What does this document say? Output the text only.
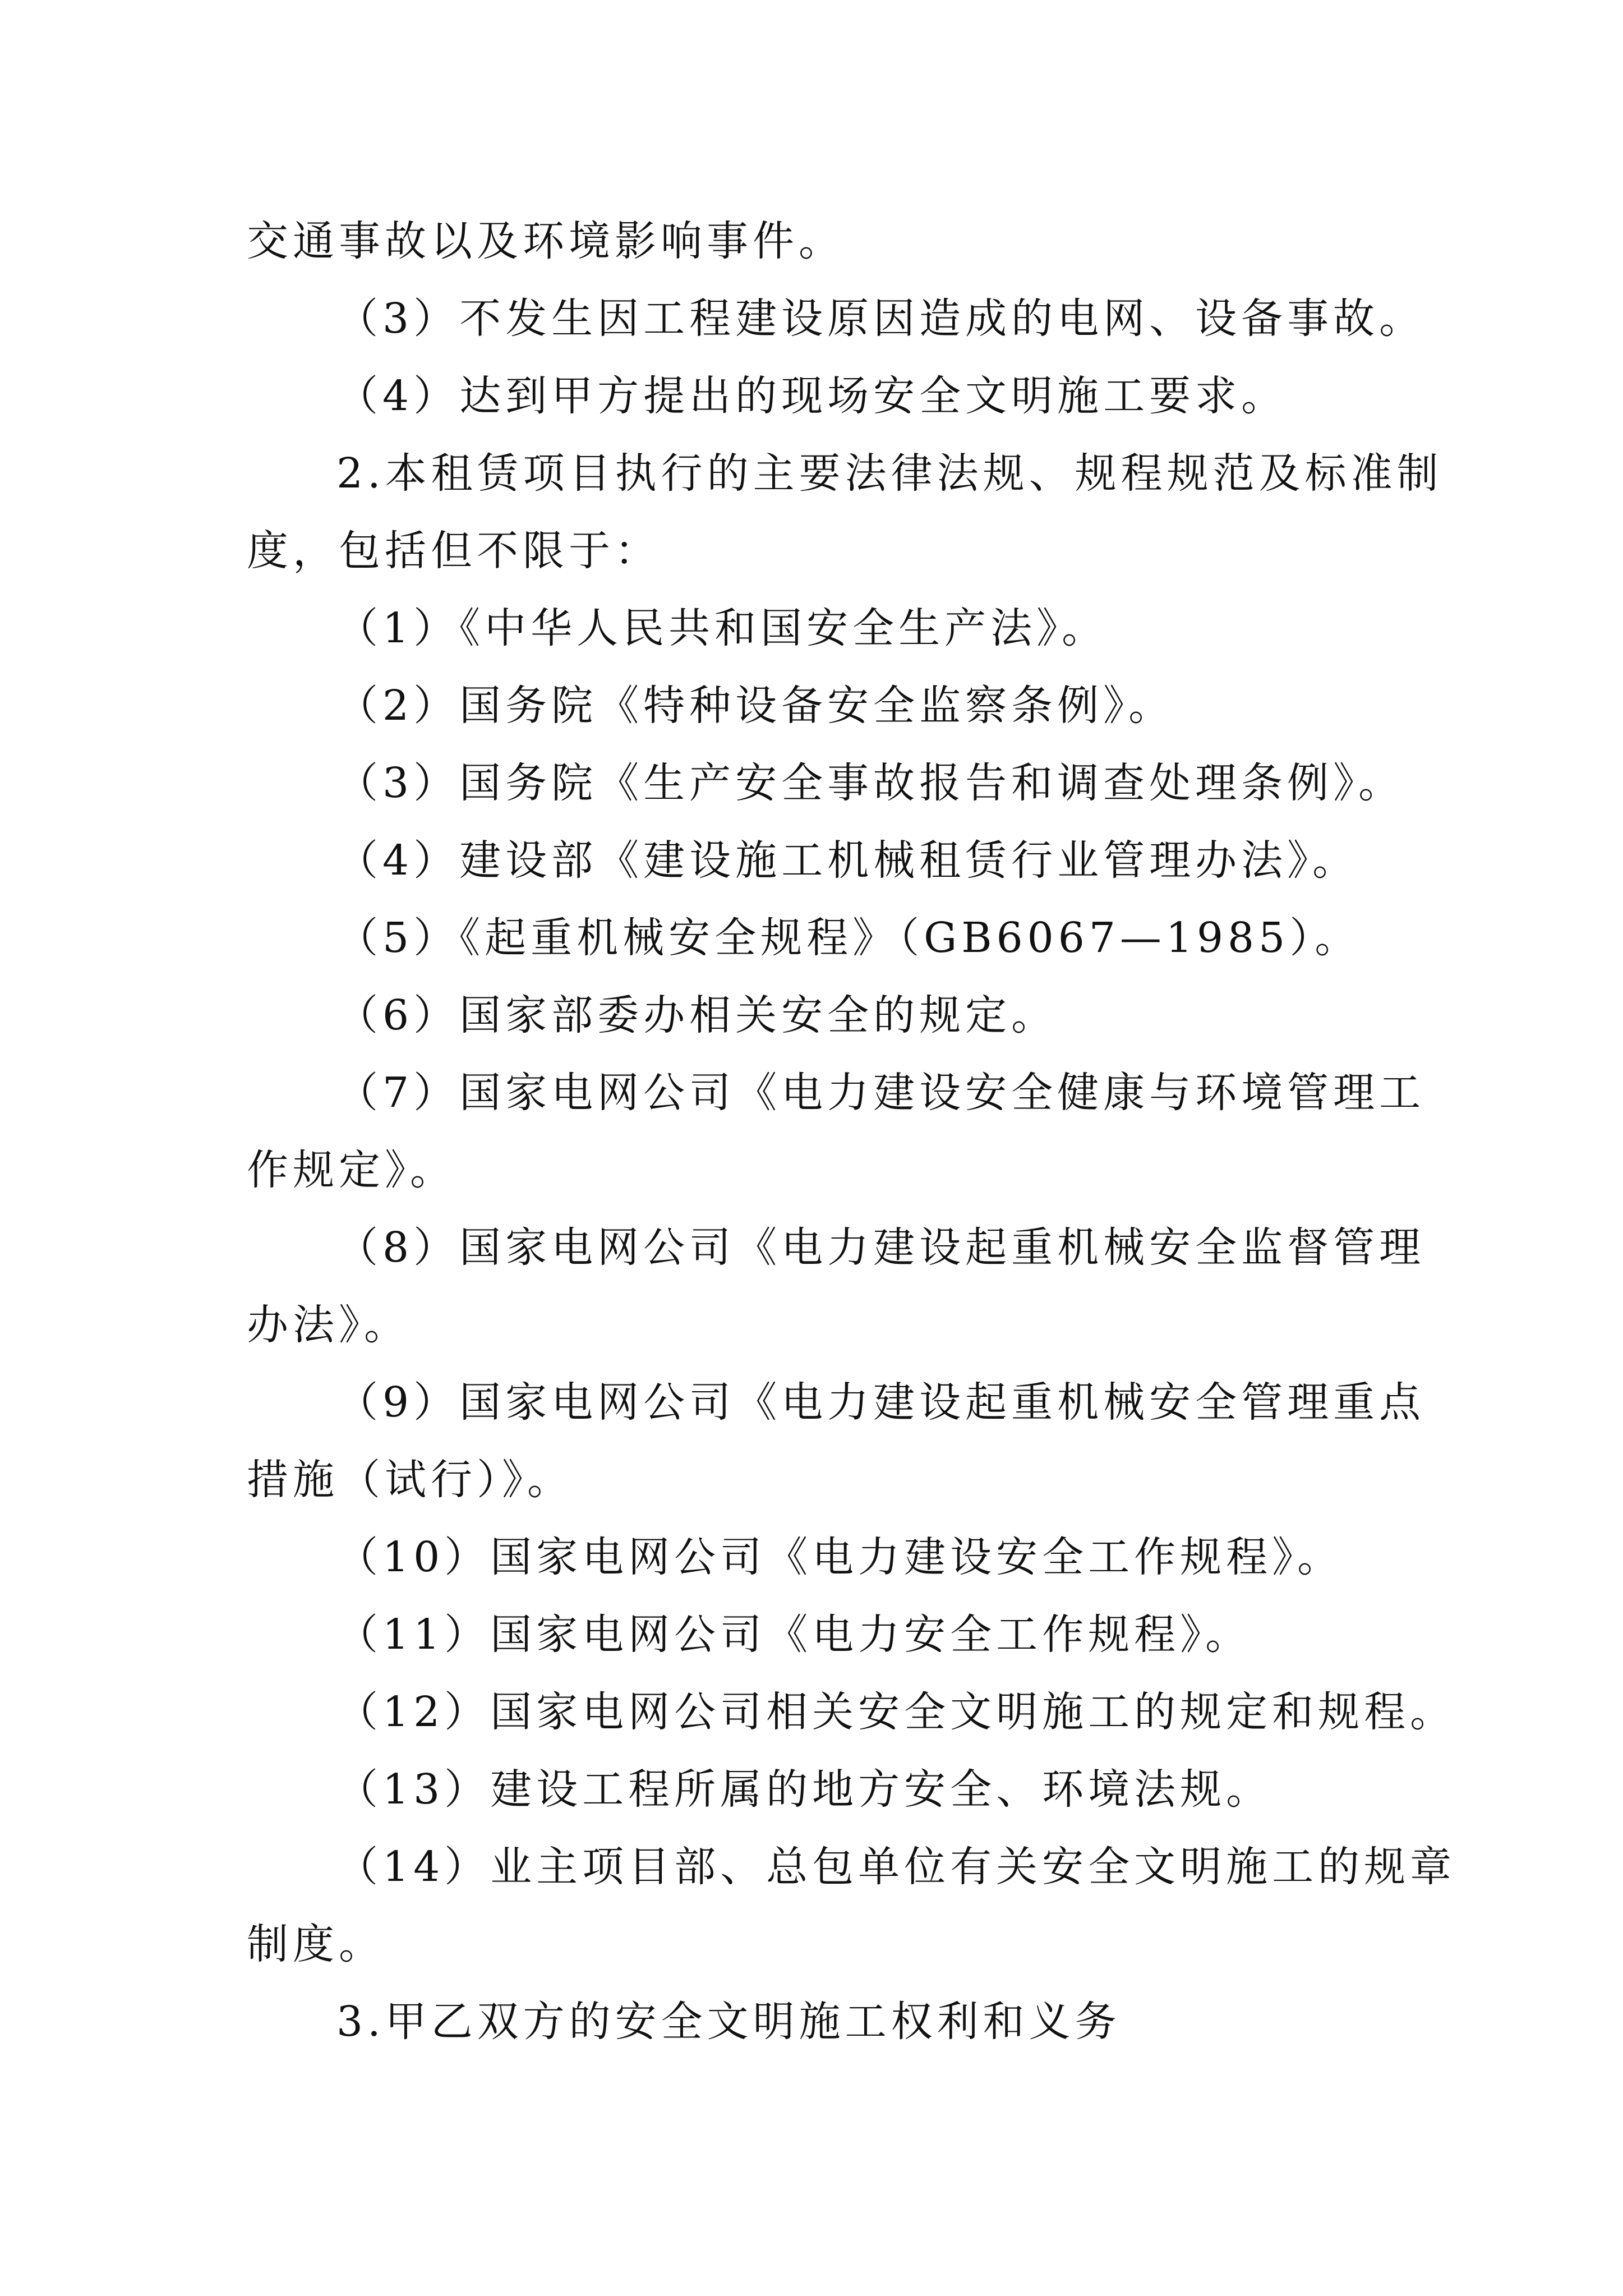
交通事故以及环境影响事件。
（3）不发生因工程建设原因造成的电网、设备事故。
（4）达到甲方提出的现场安全文明施工要求。
2.本租赁项目执行的主要法律法规、规程规范及标准制
度，包括但不限于：
（1）《中华人民共和国安全生产法》。
（2）国务院《特种设备安全监察条例》。
（3）国务院《生产安全事故报告和调查处理条例》。
（4）建设部《建设施工机械租赁行业管理办法》。
（5）《起重机械安全规程》（GB6067—1985）。
（6）国家部委办相关安全的规定。
（7）国家电网公司《电力建设安全健康与环境管理工
作规定》。
（8）国家电网公司《电力建设起重机械安全监督管理
办法》。
（9）国家电网公司《电力建设起重机械安全管理重点
措施（试行）》。
（10）国家电网公司《电力建设安全工作规程》。
（11）国家电网公司《电力安全工作规程》。
（12）国家电网公司相关安全文明施工的规定和规程。
（13）建设工程所属的地方安全、环境法规。
（14）业主项目部、总包单位有关安全文明施工的规章
制度。
3.甲乙双方的安全文明施工权利和义务
